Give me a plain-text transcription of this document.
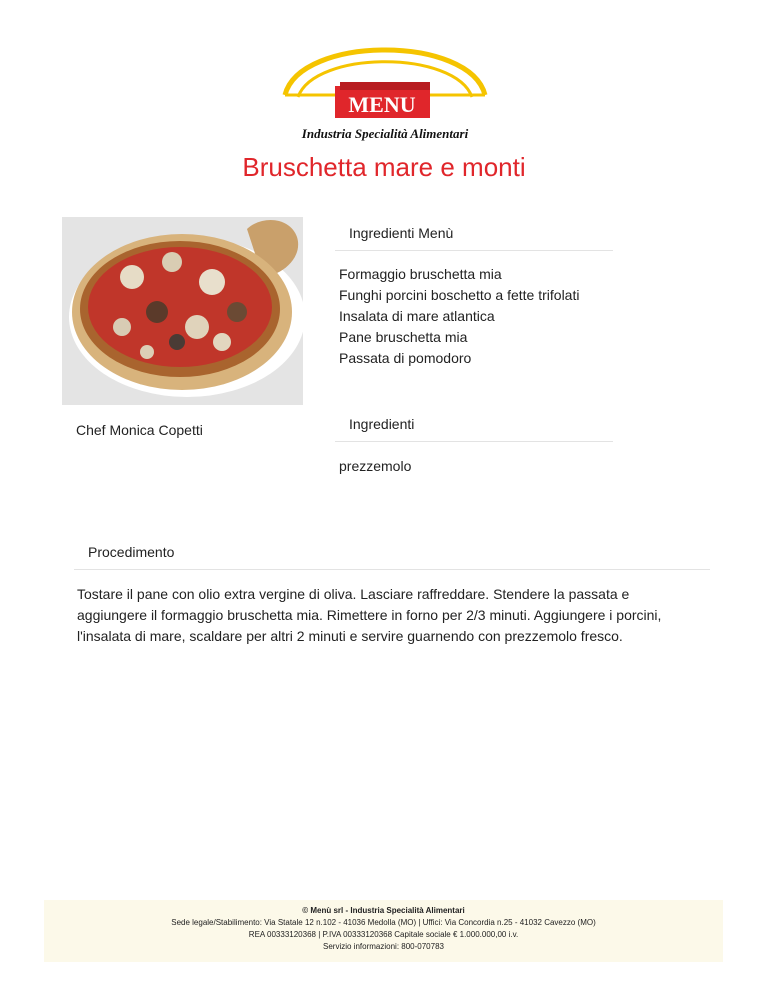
MENU
Industria Specialità Alimentari
Bruschetta mare e monti
Chef Monica Copetti
Ingredienti Menù
Formaggio bruschetta mia
Funghi porcini boschetto a fette trifolati
Insalata di mare atlantica
Pane bruschetta mia
Passata di pomodoro
Ingredienti
prezzemolo
Procedimento

Tostare il pane con olio extra vergine di oliva. Lasciare raffreddare. Stendere la passata e aggiungere il formaggio bruschetta mia. Rimettere in forno per 2/3 minuti. Aggiungere i porcini, l'insalata di mare, scaldare per altri 2 minuti e servire guarnendo con prezzemolo fresco.

© Menù srl - Industria Specialità Alimentari
Sede legale/Stabilimento: Via Statale 12 n.102 - 41036 Medolla (MO) | Uffici: Via Concordia n.25 - 41032 Cavezzo (MO)
REA 00333120368 | P.IVA 00333120368 Capitale sociale € 1.000.000,00 i.v.
Servizio informazioni: 800-070783
